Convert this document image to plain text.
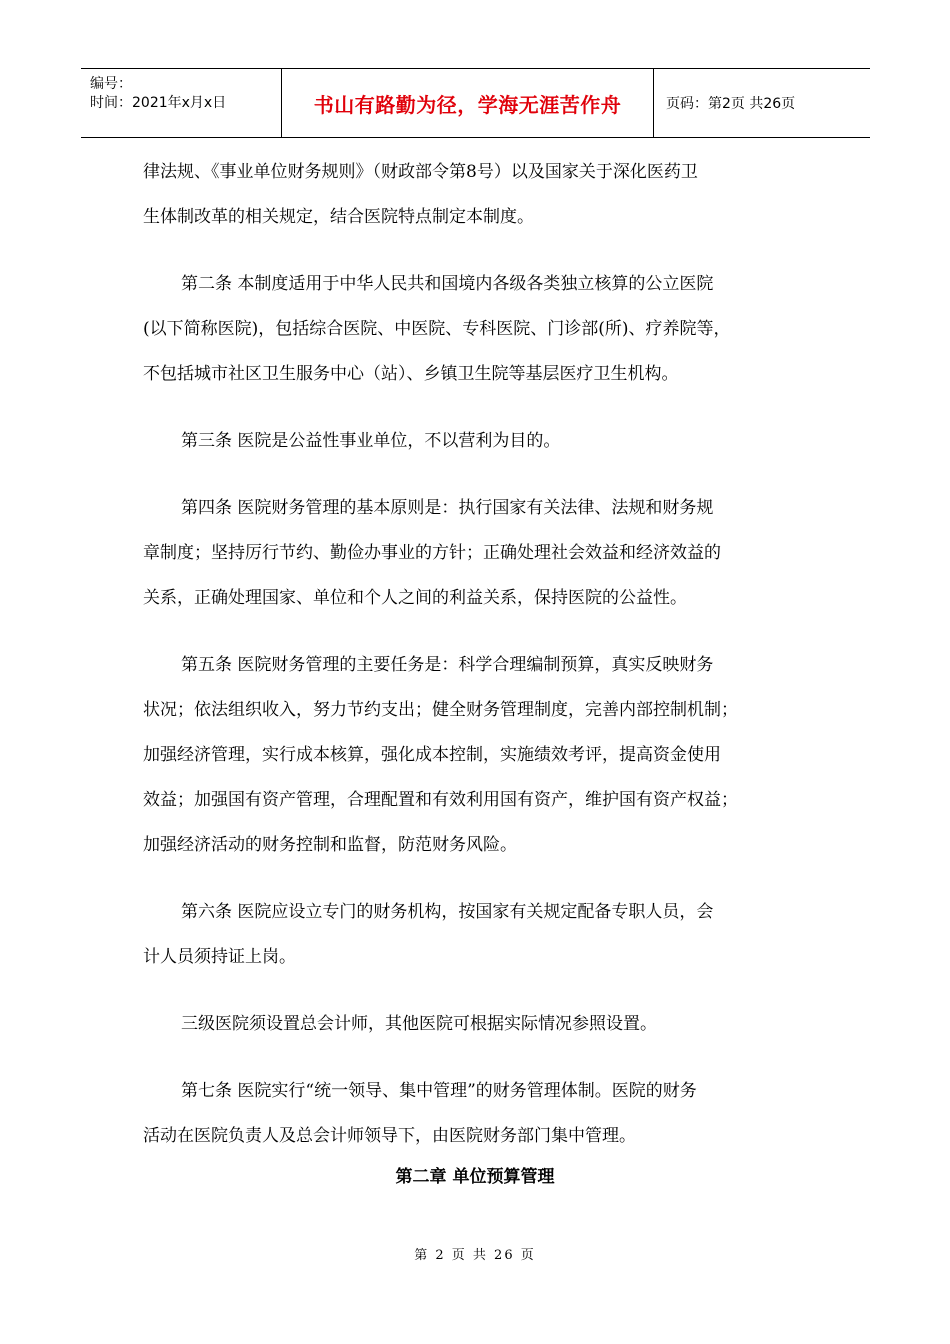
编号：
时间：2021年x月x日	书山有路勤为径，学海无涯苦作舟	页码：第2页 共26页
律法规、《事业单位财务规则》（财政部令第8号）以及国家关于深化医药卫
生体制改革的相关规定，结合医院特点制定本制度。
第二条 本制度适用于中华人民共和国境内各级各类独立核算的公立医院
(以下简称医院)，包括综合医院、中医院、专科医院、门诊部(所)、疗养院等，
不包括城市社区卫生服务中心（站）、乡镇卫生院等基层医疗卫生机构。
第三条 医院是公益性事业单位，不以营利为目的。
第四条 医院财务管理的基本原则是：执行国家有关法律、法规和财务规
章制度；坚持厉行节约、勤俭办事业的方针；正确处理社会效益和经济效益的
关系，正确处理国家、单位和个人之间的利益关系，保持医院的公益性。
第五条 医院财务管理的主要任务是：科学合理编制预算，真实反映财务
状况；依法组织收入，努力节约支出；健全财务管理制度，完善内部控制机制；
加强经济管理，实行成本核算，强化成本控制，实施绩效考评，提高资金使用
效益；加强国有资产管理，合理配置和有效利用国有资产，维护国有资产权益；
加强经济活动的财务控制和监督，防范财务风险。
第六条 医院应设立专门的财务机构，按国家有关规定配备专职人员，会
计人员须持证上岗。
三级医院须设置总会计师，其他医院可根据实际情况参照设置。
第七条 医院实行“统一领导、集中管理”的财务管理体制。医院的财务
活动在医院负责人及总会计师领导下，由医院财务部门集中管理。
第二章 单位预算管理
第 2 页 共 26 页
